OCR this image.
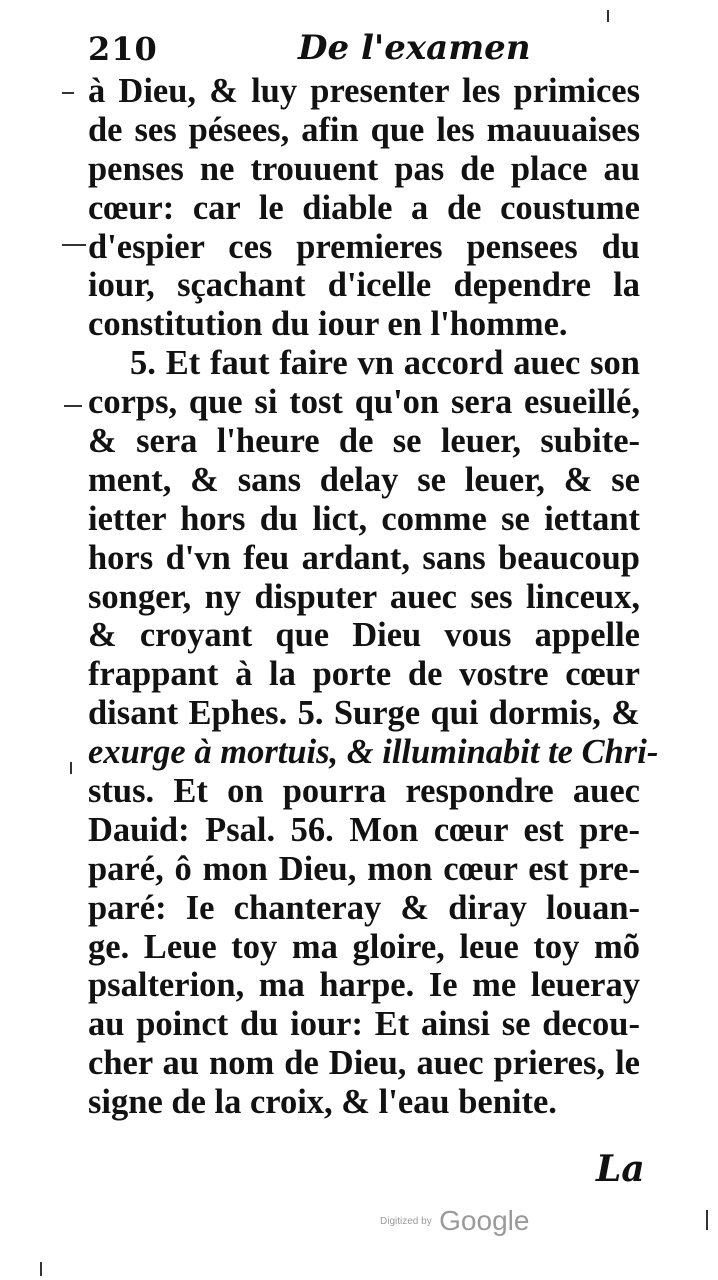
210	De l'examen
à Dieu, & luy presenter les primices
de ses pésees, afin que les mauuaises
penses ne trouuent pas de place au
cœur: car le diable a de coustume
d'espier ces premieres pensees du
iour, sçachant d'icelle dependre la
constitution du iour en l'homme.
5. Et faut faire vn accord auec son
corps, que si tost qu'on sera esueillé,
& sera l'heure de se leuer, subite-
ment, & sans delay se leuer, & se
ietter hors du lict, comme se iettant
hors d'vn feu ardant, sans beaucoup
songer, ny disputer auec ses linceux,
& croyant que Dieu vous appelle
frappant à la porte de vostre cœur
disant Ephes. 5. Surge qui dormis, &
exurge à mortuis, & illuminabit te Chri-
stus. Et on pourra respondre auec
Dauid: Psal. 56. Mon cœur est pre-
paré, ô mon Dieu, mon cœur est pre-
paré: Ie chanteray & diray louan-
ge. Leue toy ma gloire, leue toy mõ
psalterion, ma harpe. Ie me leueray
au poinct du iour: Et ainsi se decou-
cher au nom de Dieu, auec prieres, le
signe de la croix, & l'eau benite.
La
Digitized by Google
